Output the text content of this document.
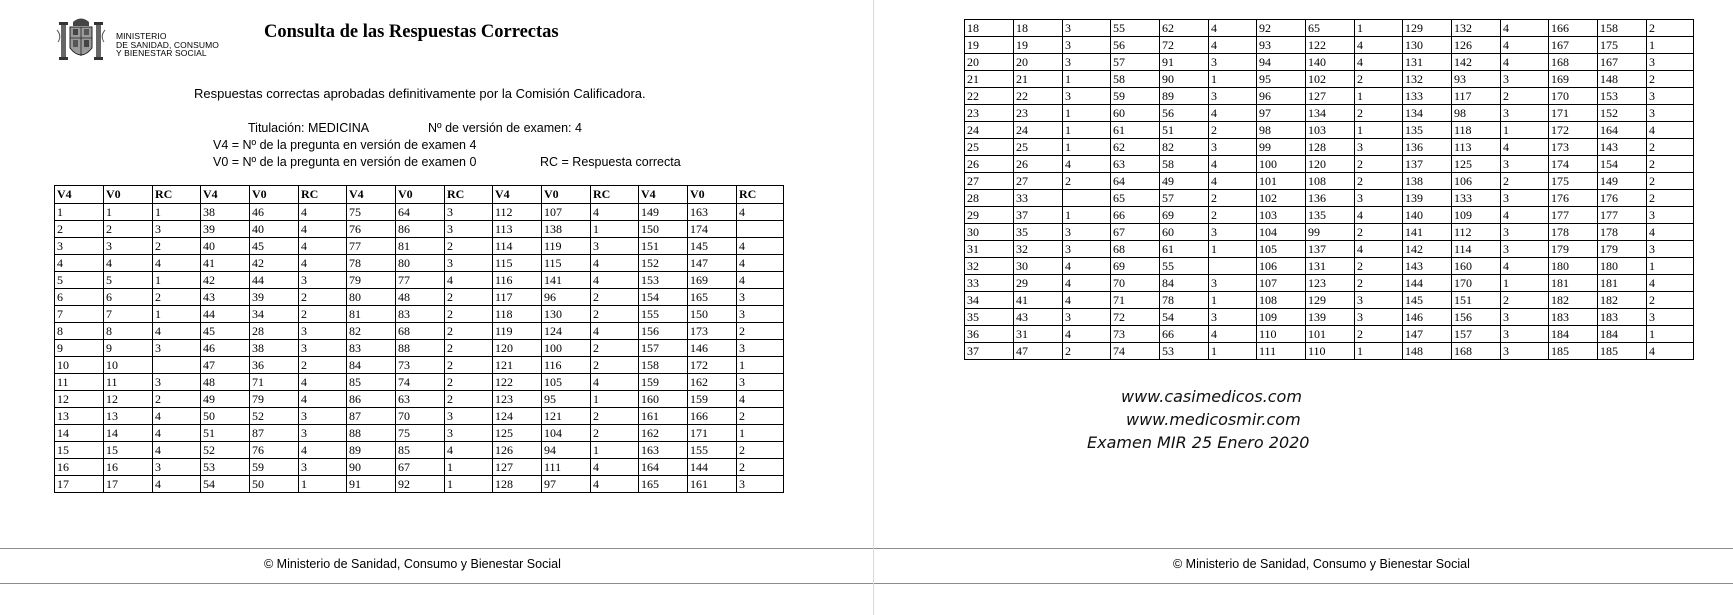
MINISTERIO
DE SANIDAD, CONSUMO
Y BIENESTAR SOCIAL
Consulta de las Respuestas Correctas
Respuestas correctas aprobadas definitivamente por la Comisión Calificadora.
Titulación: MEDICINA	Nº de versión de examen: 4
V4 = Nº de la pregunta en versión de examen 4
V0 = Nº de la pregunta en versión de examen 0	RC = Respuesta correcta
V4	V0	RC	V4	V0	RC	V4	V0	RC	V4	V0	RC	V4	V0	RC
1	1	1	38	46	4	75	64	3	112	107	4	149	163	4
2	2	3	39	40	4	76	86	3	113	138	1	150	174	
3	3	2	40	45	4	77	81	2	114	119	3	151	145	4
4	4	4	41	42	4	78	80	3	115	115	4	152	147	4
5	5	1	42	44	3	79	77	4	116	141	4	153	169	4
6	6	2	43	39	2	80	48	2	117	96	2	154	165	3
7	7	1	44	34	2	81	83	2	118	130	2	155	150	3
8	8	4	45	28	3	82	68	2	119	124	4	156	173	2
9	9	3	46	38	3	83	88	2	120	100	2	157	146	3
10	10		47	36	2	84	73	2	121	116	2	158	172	1
11	11	3	48	71	4	85	74	2	122	105	4	159	162	3
12	12	2	49	79	4	86	63	2	123	95	1	160	159	4
13	13	4	50	52	3	87	70	3	124	121	2	161	166	2
14	14	4	51	87	3	88	75	3	125	104	2	162	171	1
15	15	4	52	76	4	89	85	4	126	94	1	163	155	2
16	16	3	53	59	3	90	67	1	127	111	4	164	144	2
17	17	4	54	50	1	91	92	1	128	97	4	165	161	3
© Ministerio de Sanidad, Consumo y Bienestar Social
18	18	3	55	62	4	92	65	1	129	132	4	166	158	2
19	19	3	56	72	4	93	122	4	130	126	4	167	175	1
20	20	3	57	91	3	94	140	4	131	142	4	168	167	3
21	21	1	58	90	1	95	102	2	132	93	3	169	148	2
22	22	3	59	89	3	96	127	1	133	117	2	170	153	3
23	23	1	60	56	4	97	134	2	134	98	3	171	152	3
24	24	1	61	51	2	98	103	1	135	118	1	172	164	4
25	25	1	62	82	3	99	128	3	136	113	4	173	143	2
26	26	4	63	58	4	100	120	2	137	125	3	174	154	2
27	27	2	64	49	4	101	108	2	138	106	2	175	149	2
28	33		65	57	2	102	136	3	139	133	3	176	176	2
29	37	1	66	69	2	103	135	4	140	109	4	177	177	3
30	35	3	67	60	3	104	99	2	141	112	3	178	178	4
31	32	3	68	61	1	105	137	4	142	114	3	179	179	3
32	30	4	69	55		106	131	2	143	160	4	180	180	1
33	29	4	70	84	3	107	123	2	144	170	1	181	181	4
34	41	4	71	78	1	108	129	3	145	151	2	182	182	2
35	43	3	72	54	3	109	139	3	146	156	3	183	183	3
36	31	4	73	66	4	110	101	2	147	157	3	184	184	1
37	47	2	74	53	1	111	110	1	148	168	3	185	185	4
www.casimedicos.com
www.medicosmir.com
Examen MIR 25 Enero 2020
© Ministerio de Sanidad, Consumo y Bienestar Social
